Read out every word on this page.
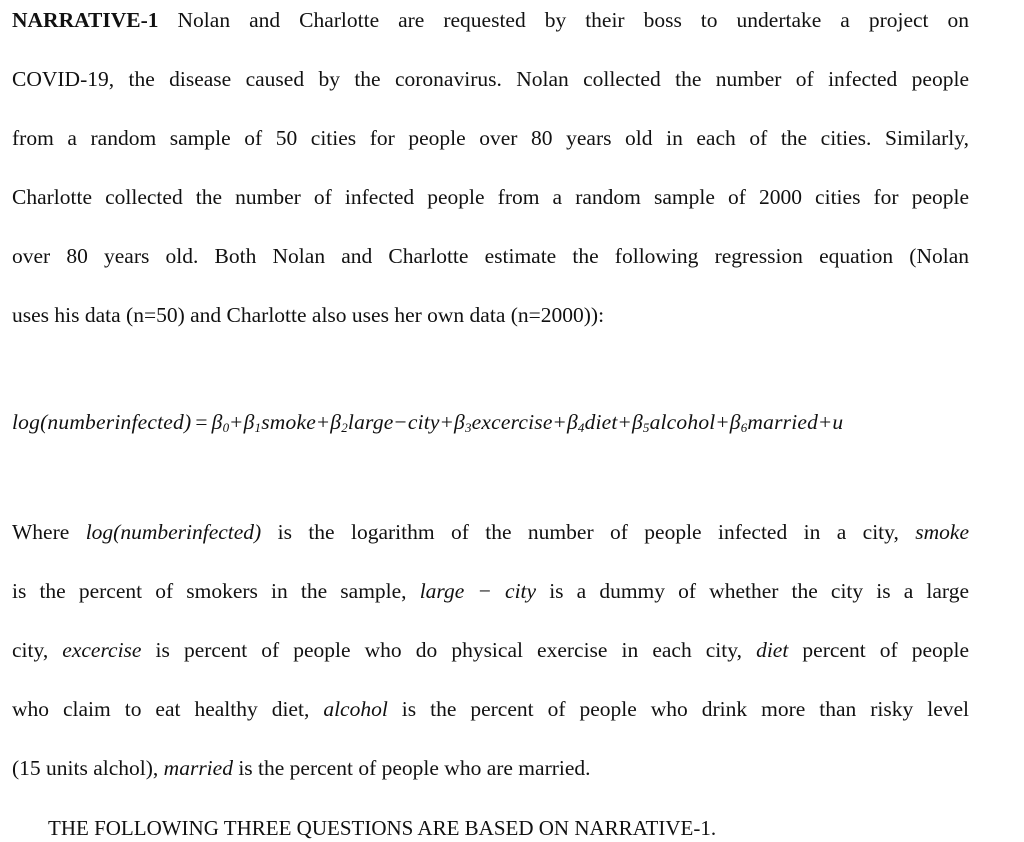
NARRATIVE-1 Nolan and Charlotte are requested by their boss to undertake a project on
COVID-19, the disease caused by the coronavirus. Nolan collected the number of infected people
from a random sample of 50 cities for people over 80 years old in each of the cities. Similarly,
Charlotte collected the number of infected people from a random sample of 2000 cities for people
over 80 years old. Both Nolan and Charlotte estimate the following regression equation (Nolan
uses his data (n=50) and Charlotte also uses her own data (n=2000)):
log(numberinfected) = $\beta_0+\beta_1smoke+\beta_2large-city+\beta_3excercise+\beta_4diet+\beta_5alcohol+\beta_6married+u$
Where log(numberinfected) is the logarithm of the number of people infected in a city, smoke
is the percent of smokers in the sample, large − city is a dummy of whether the city is a large
city, excercise is percent of people who do physical exercise in each city, diet percent of people
who claim to eat healthy diet, alcohol is the percent of people who drink more than risky level
(15 units alchol), married is the percent of people who are married.
THE FOLLOWING THREE QUESTIONS ARE BASED ON NARRATIVE-1.
